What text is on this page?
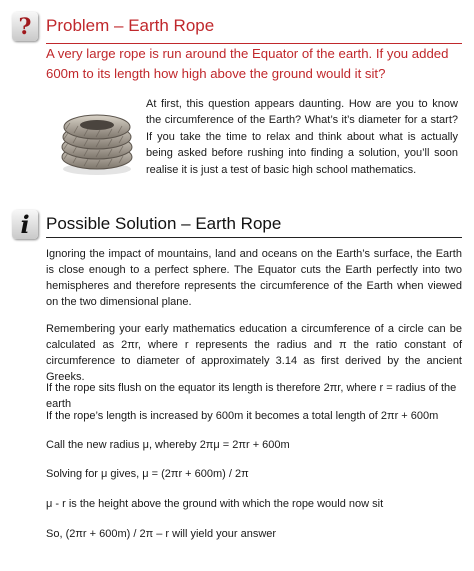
? Problem – Earth Rope
A very large rope is run around the Equator of the earth. If you added 600m to its length how high above the ground would it sit?
At first, this question appears daunting. How are you to know the circumference of the Earth? What’s it’s diameter for a start? If you take the time to relax and think about what is actually being asked before rushing into finding a solution, you’ll soon realise it is just a test of basic high school mathematics.
i Possible Solution – Earth Rope
Ignoring the impact of mountains, land and oceans on the Earth’s surface, the Earth is close enough to a perfect sphere. The Equator cuts the Earth perfectly into two hemispheres and therefore represents the circumference of the Earth when viewed on the two dimensional plane.
Remembering your early mathematics education a circumference of a circle can be calculated as 2πr, where r represents the radius and π the ratio constant of circumference to diameter of approximately 3.14 as first derived by the ancient Greeks.
If the rope sits flush on the equator its length is therefore 2πr, where r = radius of the earth
If the rope’s length is increased by 600m it becomes a total length of 2πr + 600m
Call the new radius μ, whereby 2πμ = 2πr + 600m
Solving for μ gives, μ = (2πr + 600m) / 2π
μ - r is the height above the ground with which the rope would now sit
So, (2πr + 600m) / 2π – r will yield your answer
